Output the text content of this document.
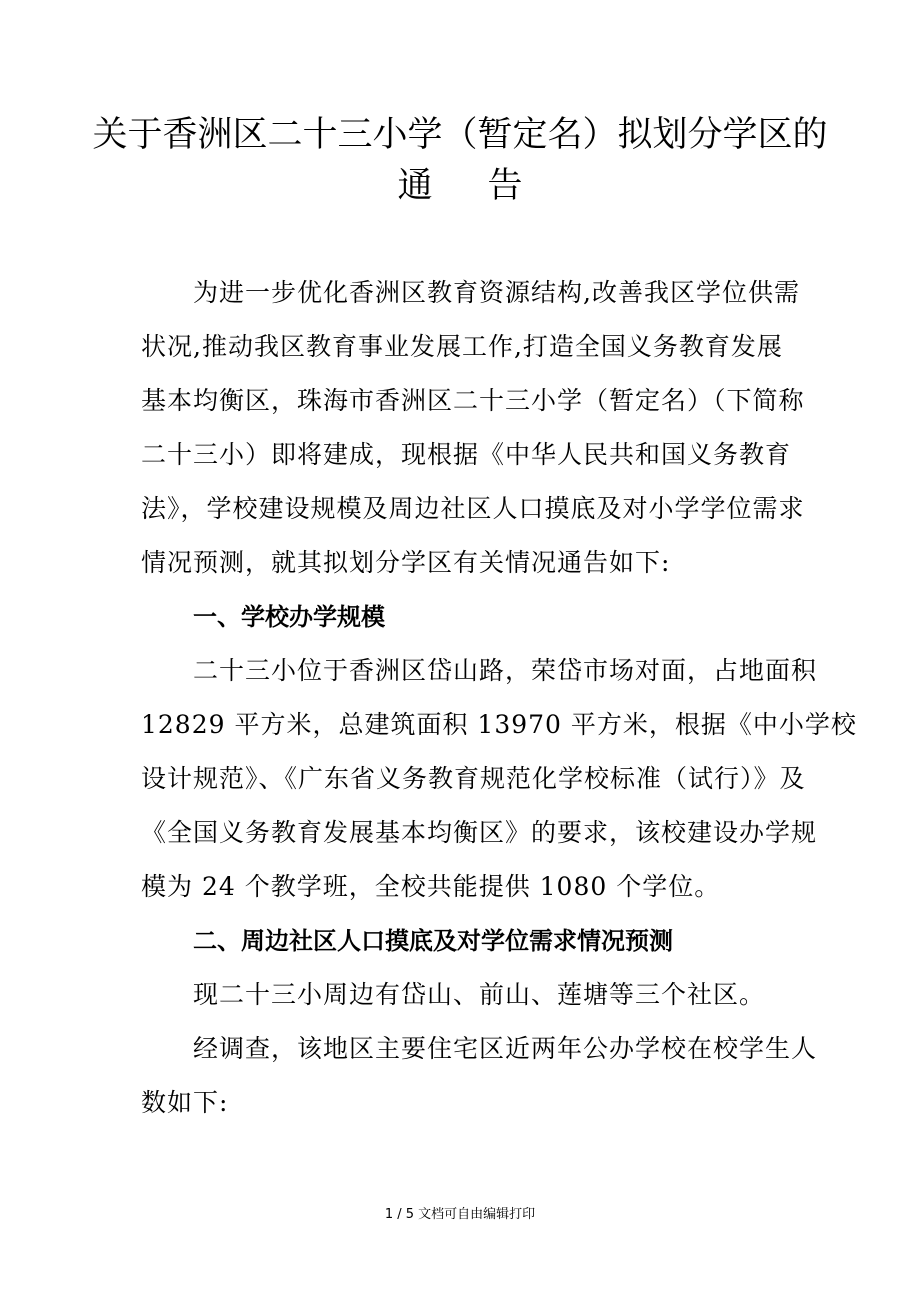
关于香洲区二十三小学（暂定名）拟划分学区的
通 告
为进一步优化香洲区教育资源结构,改善我区学位供需
状况,推动我区教育事业发展工作,打造全国义务教育发展
基本均衡区，珠海市香洲区二十三小学（暂定名）（下简称
二十三小）即将建成，现根据《中华人民共和国义务教育
法》，学校建设规模及周边社区人口摸底及对小学学位需求
情况预测，就其拟划分学区有关情况通告如下:
一、学校办学规模
二十三小位于香洲区岱山路，荣岱市场对面，占地面积
12829 平方米，总建筑面积 13970 平方米，根据《中小学校
设计规范》、《广东省义务教育规范化学校标准（试行）》及
《全国义务教育发展基本均衡区》的要求，该校建设办学规
模为 24 个教学班，全校共能提供 1080 个学位。
二、周边社区人口摸底及对学位需求情况预测
现二十三小周边有岱山、前山、莲塘等三个社区。
经调查，该地区主要住宅区近两年公办学校在校学生人
数如下:
1 / 5 文档可自由编辑打印
